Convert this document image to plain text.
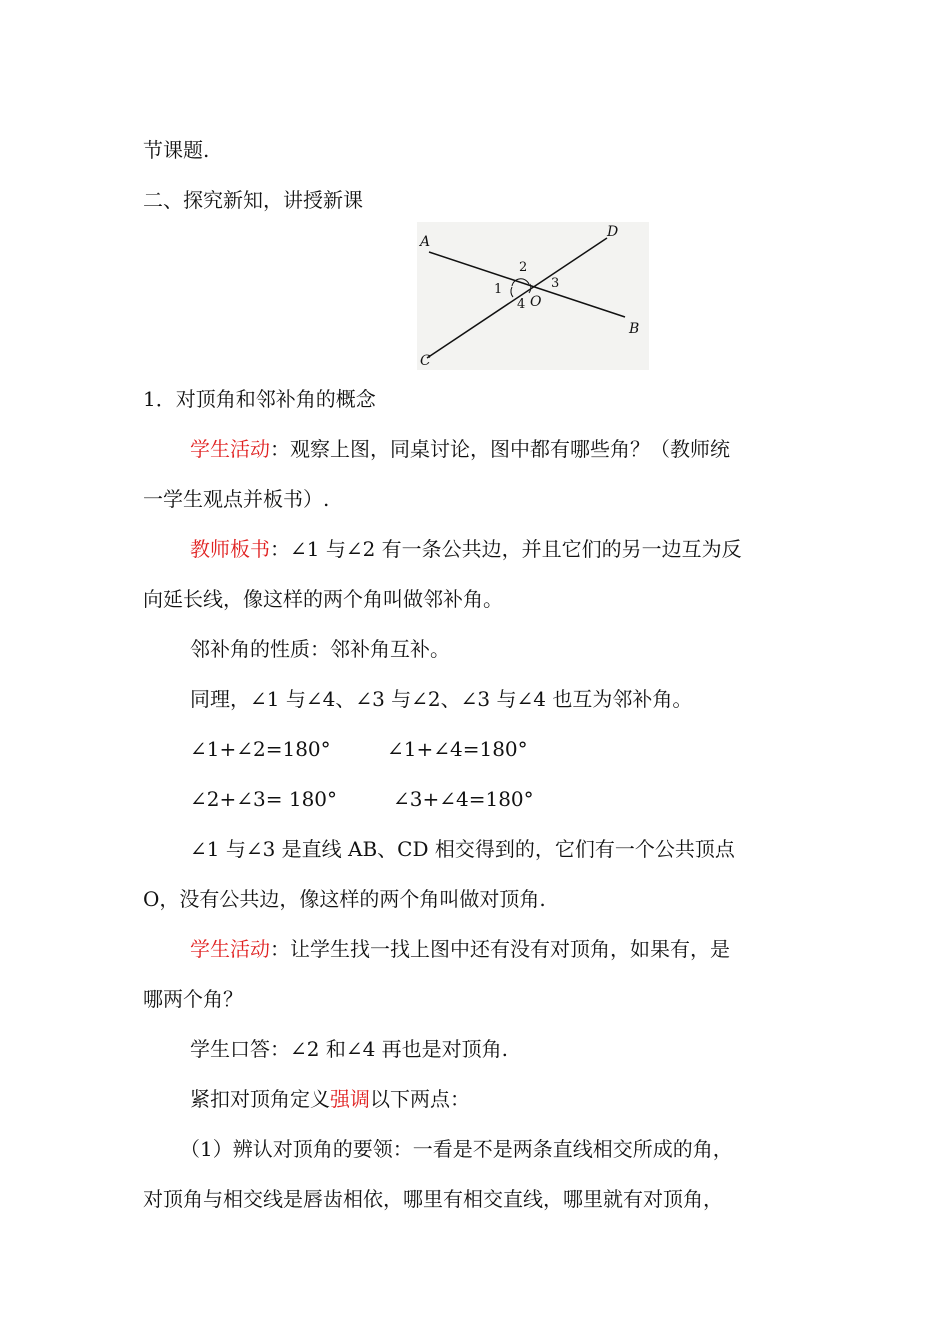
节课题.
二、探究新知，讲授新课
A
B
C
D
O
1
2
3
4
1．对顶角和邻补角的概念
学生活动：观察上图，同桌讨论，图中都有哪些角？（教师统
一学生观点并板书）.
教师板书：∠1 与∠2 有一条公共边，并且它们的另一边互为反
向延长线，像这样的两个角叫做邻补角。
邻补角的性质：邻补角互补。
同理，∠1 与∠4、∠3 与∠2、∠3 与∠4 也互为邻补角。
∠1+∠2=180°	∠1+∠4=180°
∠2+∠3= 180°	∠3+∠4=180°
∠1 与∠3 是直线 AB、CD 相交得到的，它们有一个公共顶点
O，没有公共边，像这样的两个角叫做对顶角.
学生活动：让学生找一找上图中还有没有对顶角，如果有，是
哪两个角？
学生口答：∠2 和∠4 再也是对顶角.
紧扣对顶角定义强调以下两点：
（1）辨认对顶角的要领：一看是不是两条直线相交所成的角，
对顶角与相交线是唇齿相依，哪里有相交直线，哪里就有对顶角，
